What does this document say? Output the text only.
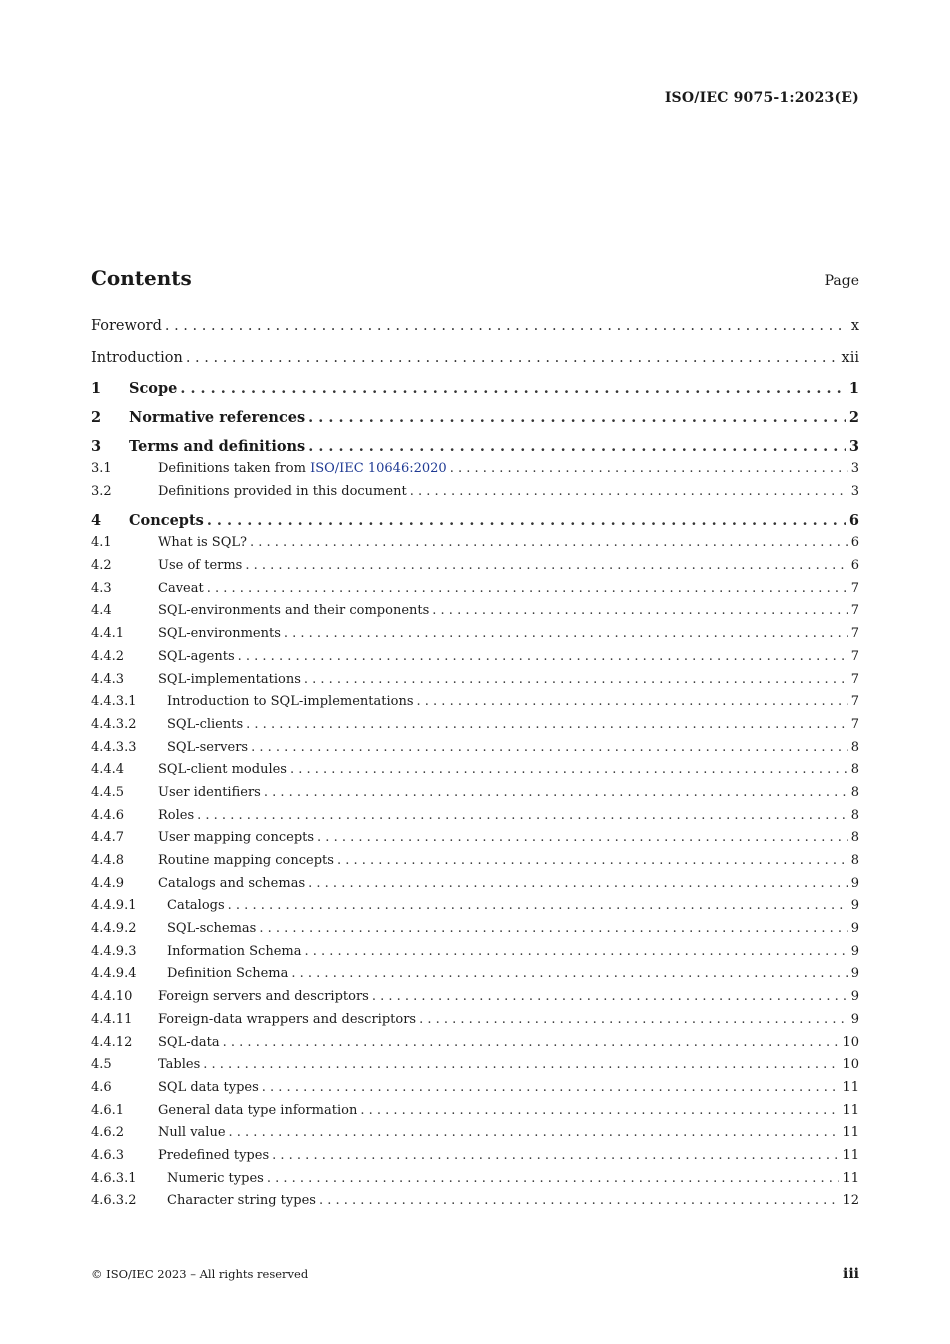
ISO/IEC 9075-1:2023(E)
Contents	Page
Foreword . . .	x
Introduction . . .	xii
1	Scope . . .	1
2	Normative references . . .	2
3	Terms and definitions . . .	3
3.1	Definitions taken from ISO/IEC 10646:2020 . . .	3
3.2	Definitions provided in this document . . .	3
4	Concepts . . .	6
4.1	What is SQL? . . .	6
4.2	Use of terms . . .	6
4.3	Caveat . . .	7
4.4	SQL-environments and their components . . .	7
4.4.1	SQL-environments . . .	7
4.4.2	SQL-agents . . .	7
4.4.3	SQL-implementations . . .	7
4.4.3.1	Introduction to SQL-implementations . . .	7
4.4.3.2	SQL-clients . . .	7
4.4.3.3	SQL-servers . . .	8
4.4.4	SQL-client modules . . .	8
4.4.5	User identifiers . . .	8
4.4.6	Roles . . .	8
4.4.7	User mapping concepts . . .	8
4.4.8	Routine mapping concepts . . .	8
4.4.9	Catalogs and schemas . . .	9
4.4.9.1	Catalogs . . .	9
4.4.9.2	SQL-schemas . . .	9
4.4.9.3	Information Schema . . .	9
4.4.9.4	Definition Schema . . .	9
4.4.10	Foreign servers and descriptors . . .	9
4.4.11	Foreign-data wrappers and descriptors . . .	9
4.4.12	SQL-data . . .	10
4.5	Tables . . .	10
4.6	SQL data types . . .	11
4.6.1	General data type information . . .	11
4.6.2	Null value . . .	11
4.6.3	Predefined types . . .	11
4.6.3.1	Numeric types . . .	11
4.6.3.2	Character string types . . .	12
© ISO/IEC 2023 – All rights reserved	iii
